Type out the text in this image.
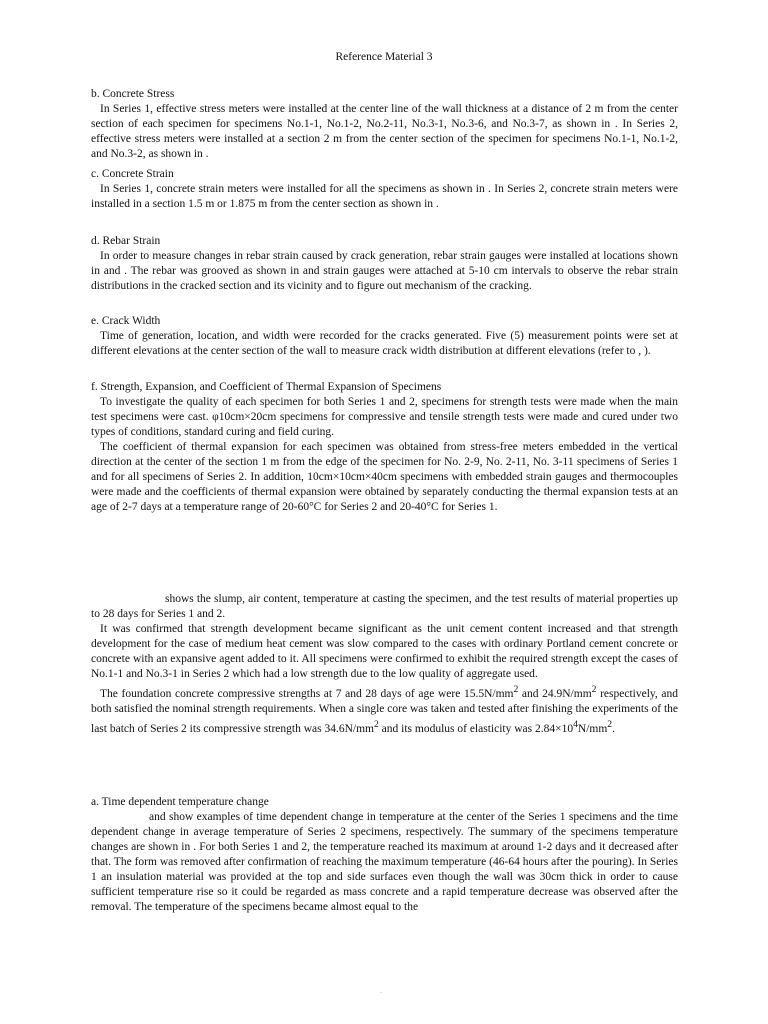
Reference Material 3

b. Concrete Stress

In Series 1, effective stress meters were installed at the center line of the wall thickness at a distance of 2 m from the center section of each specimen for specimens No.1-1, No.1-2, No.2-11, No.3-1, No.3-6, and No.3-7, as shown in . In Series 2, effective stress meters were installed at a section 2 m from the center section of the specimen for specimens No.1-1, No.1-2, and No.3-2, as shown in .

c. Concrete Strain

In Series 1, concrete strain meters were installed for all the specimens as shown in . In Series 2, concrete strain meters were installed in a section 1.5 m or 1.875 m from the center section as shown in .

d. Rebar Strain

In order to measure changes in rebar strain caused by crack generation, rebar strain gauges were installed at locations shown in and . The rebar was grooved as shown in and strain gauges were attached at 5-10 cm intervals to observe the rebar strain distributions in the cracked section and its vicinity and to figure out mechanism of the cracking.

e. Crack Width

Time of generation, location, and width were recorded for the cracks generated. Five (5) measurement points were set at different elevations at the center section of the wall to measure crack width distribution at different elevations (refer to , ).

f. Strength, Expansion, and Coefficient of Thermal Expansion of Specimens

To investigate the quality of each specimen for both Series 1 and 2, specimens for strength tests were made when the main test specimens were cast. φ10cm×20cm specimens for compressive and tensile strength tests were made and cured under two types of conditions, standard curing and field curing.

The coefficient of thermal expansion for each specimen was obtained from stress-free meters embedded in the vertical direction at the center of the section 1 m from the edge of the specimen for No. 2-9, No. 2-11, No. 3-11 specimens of Series 1 and for all specimens of Series 2. In addition, 10cm×10cm×40cm specimens with embedded strain gauges and thermocouples were made and the coefficients of thermal expansion were obtained by separately conducting the thermal expansion tests at an age of 2-7 days at a temperature range of 20-60°C for Series 2 and 20-40°C for Series 1.

shows the slump, air content, temperature at casting the specimen, and the test results of material properties up to 28 days for Series 1 and 2.

It was confirmed that strength development became significant as the unit cement content increased and that strength development for the case of medium heat cement was slow compared to the cases with ordinary Portland cement concrete or concrete with an expansive agent added to it. All specimens were confirmed to exhibit the required strength except the cases of No.1-1 and No.3-1 in Series 2 which had a low strength due to the low quality of aggregate used.

The foundation concrete compressive strengths at 7 and 28 days of age were $15.5N/mm^2$ and $24.9N/mm^2$ respectively, and both satisfied the nominal strength requirements. When a single core was taken and tested after finishing the experiments of the last batch of Series 2 its compressive strength was $34.6N/mm^2$ and its modulus of elasticity was $2.84\times 10^4N/mm^2$.

a. Time dependent temperature change

and show examples of time dependent change in temperature at the center of the Series 1 specimens and the time dependent change in average temperature of Series 2 specimens, respectively. The summary of the specimens temperature changes are shown in . For both Series 1 and 2, the temperature reached its maximum at around 1-2 days and it decreased after that. The form was removed after confirmation of reaching the maximum temperature (46-64 hours after the pouring). In Series 1 an insulation material was provided at the top and side surfaces even though the wall was 30cm thick in order to cause sufficient temperature rise so it could be regarded as mass concrete and a rapid temperature decrease was observed after the removal. The temperature of the specimens became almost equal to the

.
